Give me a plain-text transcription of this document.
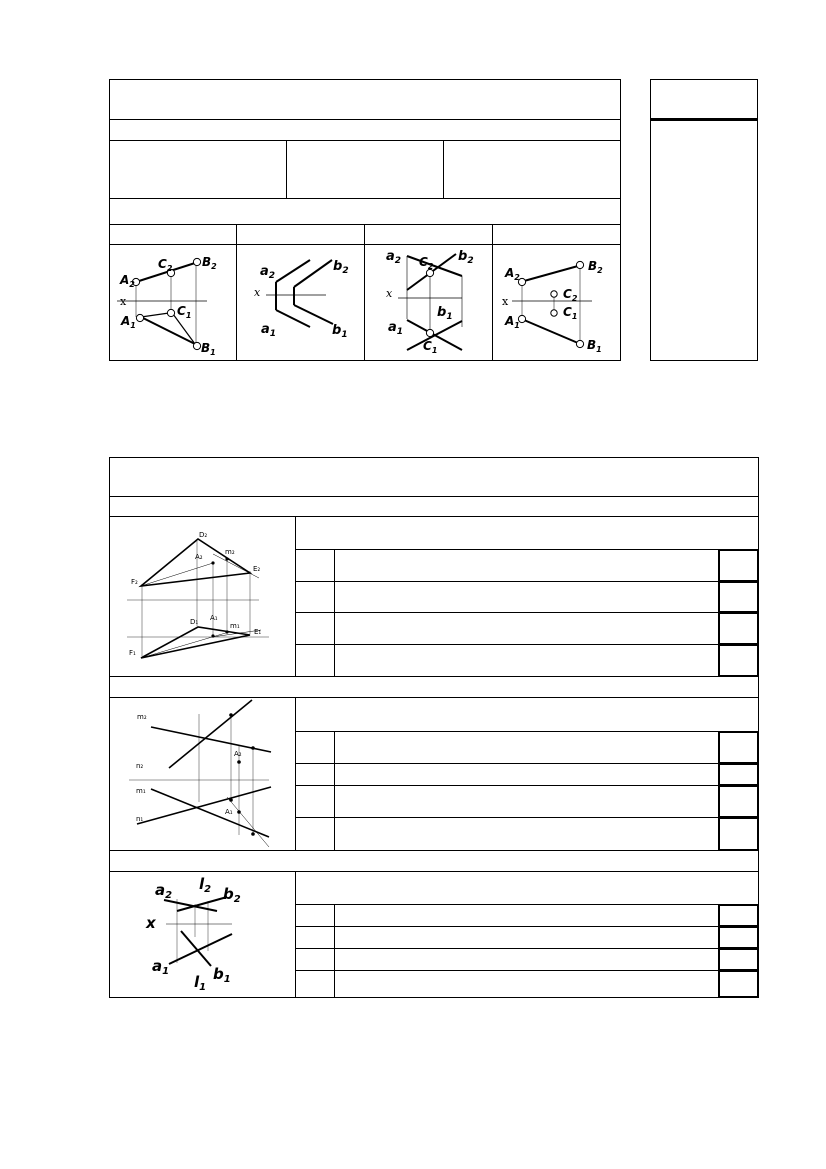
x
$A_2$
$C_2$ $B_2$
$A_1$
$C_1$
$B_1$
x
$a_2$
$b_2$
$a_1$	$b_1$
x
$a_2$ $C_2$
$b_2$
$b_1$
$a_1$
$C_1$
x
$A_2$
$B_2$
$C_2$
$C_1$
$A_1$
$B_1$
D₂
m₂
A₂
E₂
F₂
A₁
D₁	m₁
E₁
F₁
m₂
n₂
A₂
m₁
A₁
n₁
$a_2$
$l_2$ $b_2$
x
$a_1$	$b_1$
$l_1$
